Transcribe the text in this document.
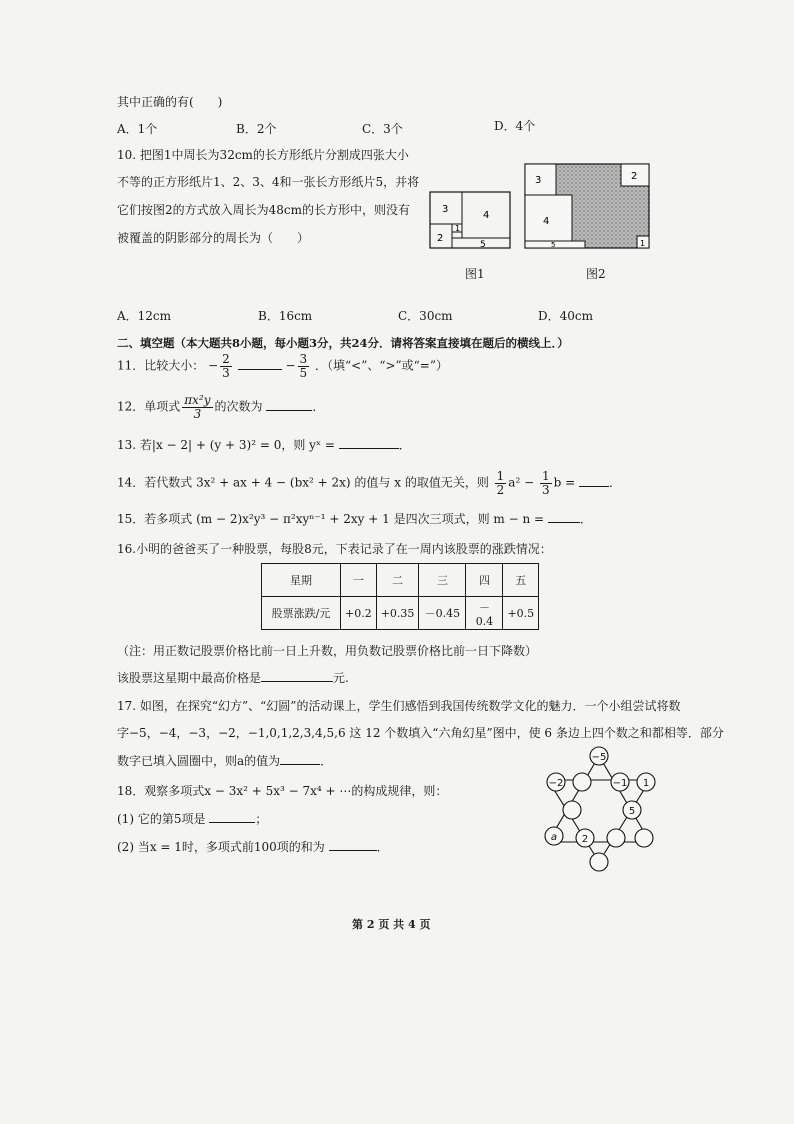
其中正确的有(　　)
A．1个	B．2个	C．3个	D．4个
10. 把图1中周长为32cm的长方形纸片分割成四张大小
不等的正方形纸片1、2、3、4和一张长方形纸片5，并将
它们按图2的方式放入周长为48cm的长方形中，则没有
被覆盖的阴影部分的周长为（　　）
3
4
2
1
5
图1
3	2
4
5	1
图2
A．12cm	B．16cm	C．30cm	D．40cm
二、填空题（本大题共8小题，每小题3分，共24分．请将答案直接填在题后的横线上．）
11．比较大小： − $\frac{2}{3}$	− $\frac{3}{5}$ ．（填“<”、“>”或“=”）
12．单项式 $\frac{\text{πx²y}}{3}$ 的次数为	．
13. 若|x − 2| + (y + 3)² = 0，则 yˣ =	．
14．若代数式 3x² + ax + 4 − (bx² + 2x) 的值与 x 的取值无关，则 $\frac{1}{2} a^2 - \frac{1}{3}$ b =	．
15．若多项式 (m − 2)x²y³ − π²xyⁿ⁻¹ + 2xy + 1 是四次三项式，则 m − n =	．
16.小明的爸爸买了一种股票，每股8元，下表记录了在一周内该股票的涨跌情况：
星期	一	二	三	四	五
股票涨跌/元	+0.2	+0.35	－0.45	－0.4	+0.5
（注：用正数记股票价格比前一日上升数，用负数记股票价格比前一日下降数）
该股票这星期中最高价格是	元.
17. 如图，在探究“幻方”、“幻圆”的活动课上，学生们感悟到我国传统数学文化的魅力．一个小组尝试将数
字−5，−4，−3，−2，−1,0,1,2,3,4,5,6 这 12 个数填入“六角幻星”图中，使 6 条边上四个数之和都相等．部分
数字已填入圆圈中，则a的值为	．	−5
−2	−1 1
5
a 2
18．观察多项式x − 3x² + 5x³ − 7x⁴ + ⋯的构成规律，则：
(1) 它的第5项是	；
(2) 当x = 1时，多项式前100项的和为	．
第 2 页 共 4 页
